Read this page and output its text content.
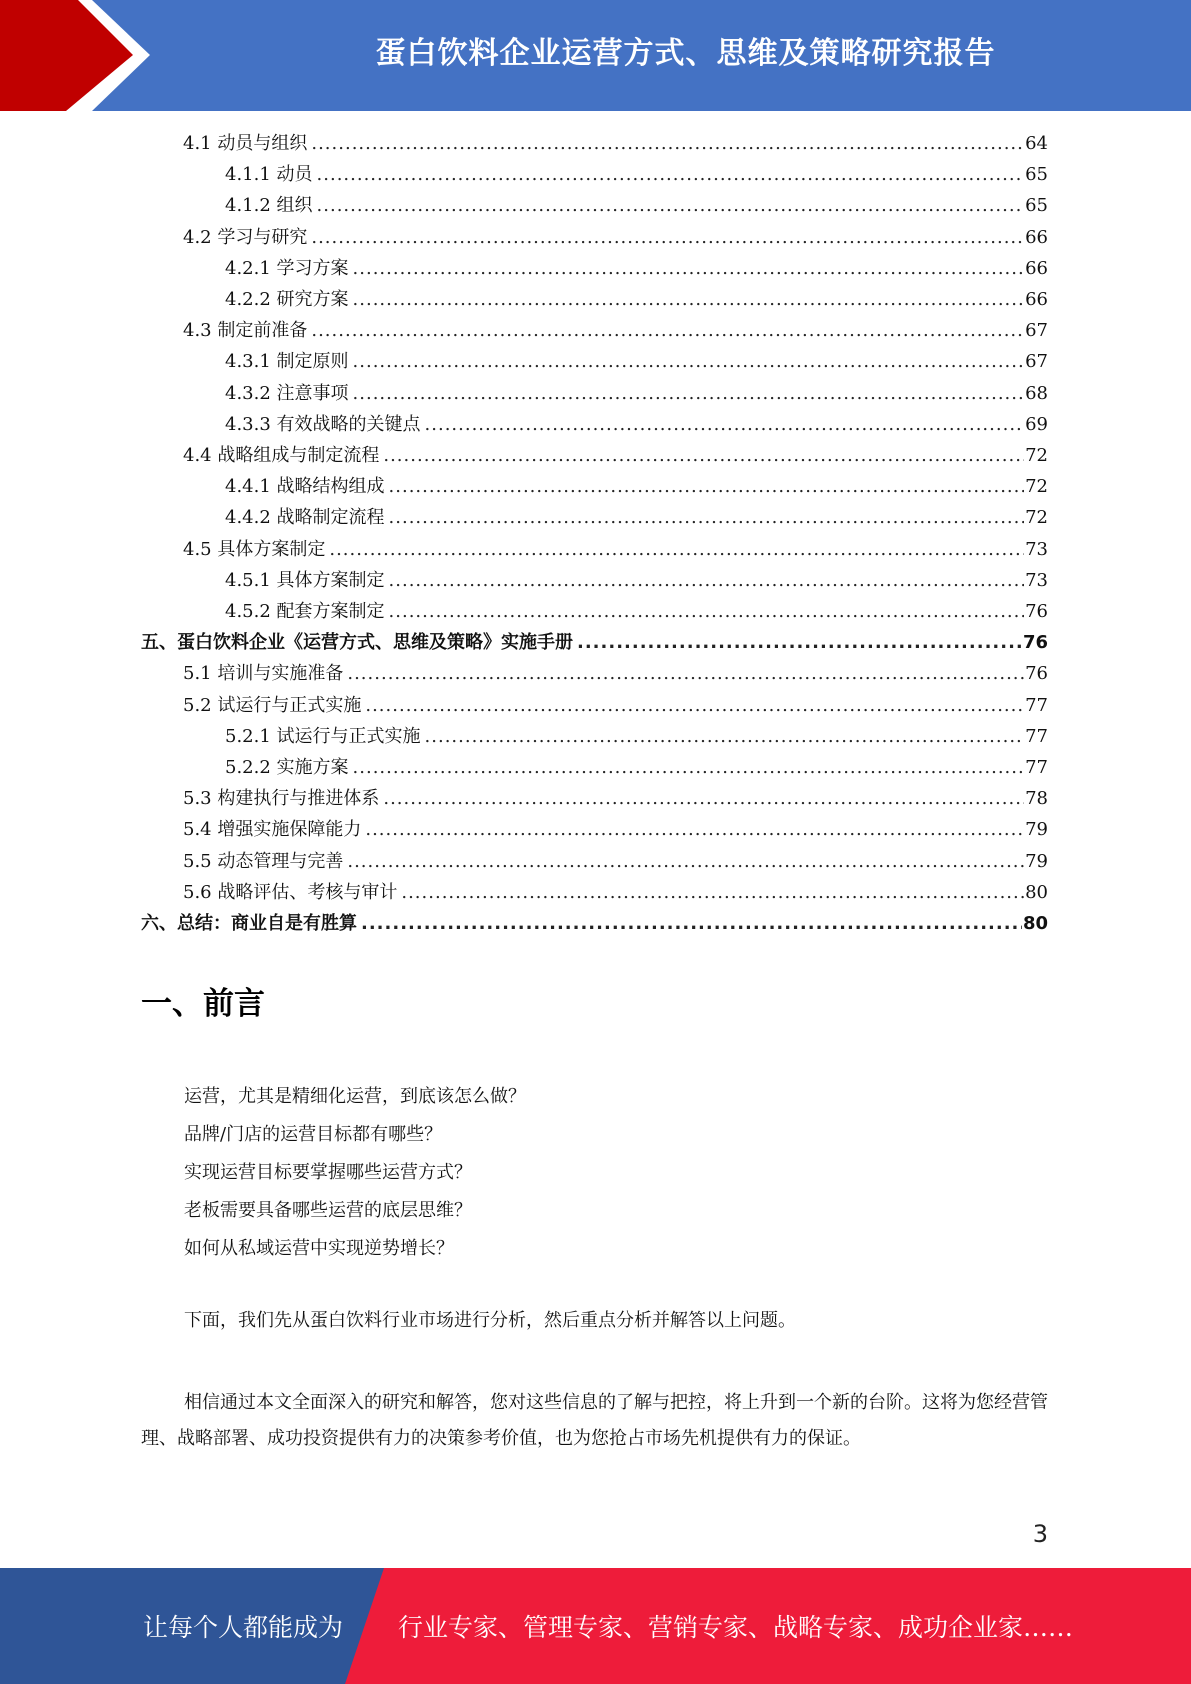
蛋白饮料企业运营方式、思维及策略研究报告
4.1 动员与组织 .....	64
4.1.1 动员 .....	65
4.1.2 组织 .....	65
4.2 学习与研究 .....	66
4.2.1 学习方案 .....	66
4.2.2 研究方案 .....	66
4.3 制定前准备 .....	67
4.3.1 制定原则 .....	67
4.3.2 注意事项 .....	68
4.3.3 有效战略的关键点 .....	69
4.4 战略组成与制定流程 .....	72
4.4.1 战略结构组成 .....	72
4.4.2 战略制定流程 .....	72
4.5 具体方案制定 .....	73
4.5.1 具体方案制定 .....	73
4.5.2 配套方案制定 .....	76
五、蛋白饮料企业《运营方式、思维及策略》实施手册 .....	76
5.1 培训与实施准备 .....	76
5.2 试运行与正式实施 .....	77
5.2.1 试运行与正式实施 .....	77
5.2.2 实施方案 .....	77
5.3 构建执行与推进体系 .....	78
5.4 增强实施保障能力 .....	79
5.5 动态管理与完善 .....	79
5.6 战略评估、考核与审计 .....	80
六、总结：商业自是有胜算 .....	80
一、前言
运营，尤其是精细化运营，到底该怎么做？
品牌/门店的运营目标都有哪些？
实现运营目标要掌握哪些运营方式？
老板需要具备哪些运营的底层思维？
如何从私域运营中实现逆势增长？
下面，我们先从蛋白饮料行业市场进行分析，然后重点分析并解答以上问题。
相信通过本文全面深入的研究和解答，您对这些信息的了解与把控，将上升到一个新的台阶。这将为您经营管理、战略部署、成功投资提供有力的决策参考价值，也为您抢占市场先机提供有力的保证。
3
让每个人都能成为 行业专家、管理专家、营销专家、战略专家、成功企业家……
